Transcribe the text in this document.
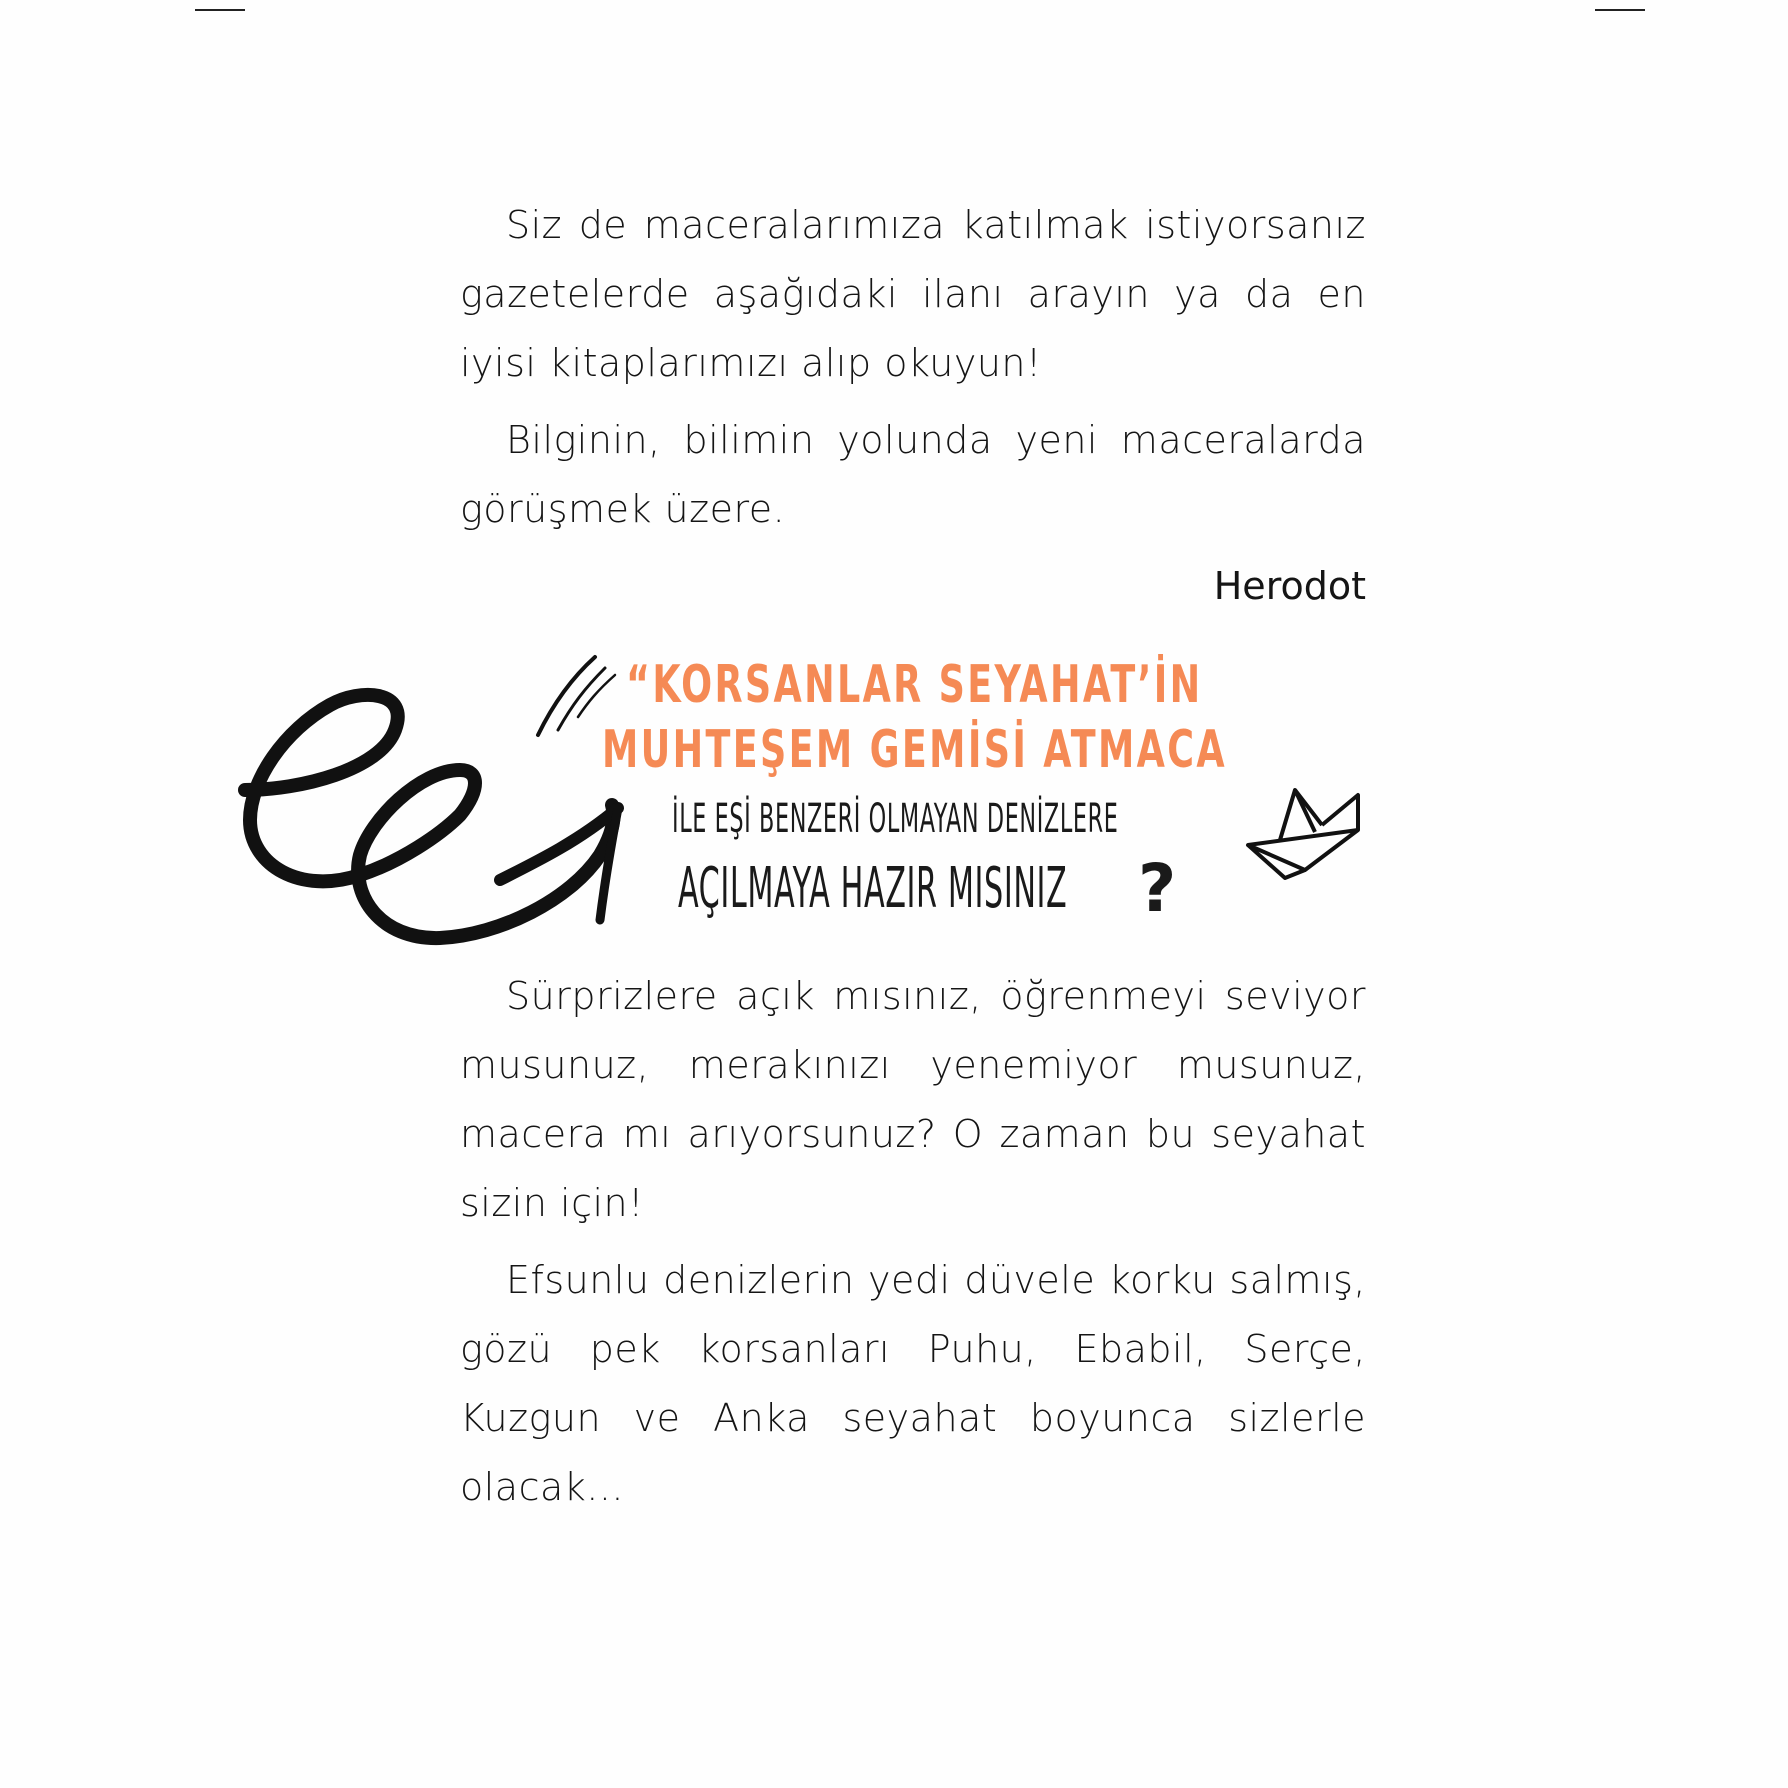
Siz de maceralarımıza katılmak istiyorsanız gazetelerde aşağıdaki ilanı arayın ya da en iyisi kitaplarımızı alıp okuyun!

Bilginin, bilimin yolunda yeni maceralarda görüşmek üzere.

Herodot

“KORSANLAR SEYAHAT’İN

MUHTEŞEM GEMİSİ ATMACA

İLE EŞİ BENZERİ OLMAYAN DENİZLERE

AÇILMAYA HAZIR MISINIZ ?

Sürprizlere açık mısınız, öğrenmeyi seviyor musunuz, merakınızı yenemiyor musunuz, macera mı arıyorsunuz? O zaman bu seyahat sizin için!

Efsunlu denizlerin yedi düvele korku salmış, gözü pek korsanları Puhu, Ebabil, Serçe, Kuzgun ve Anka seyahat boyunca sizlerle olacak...
